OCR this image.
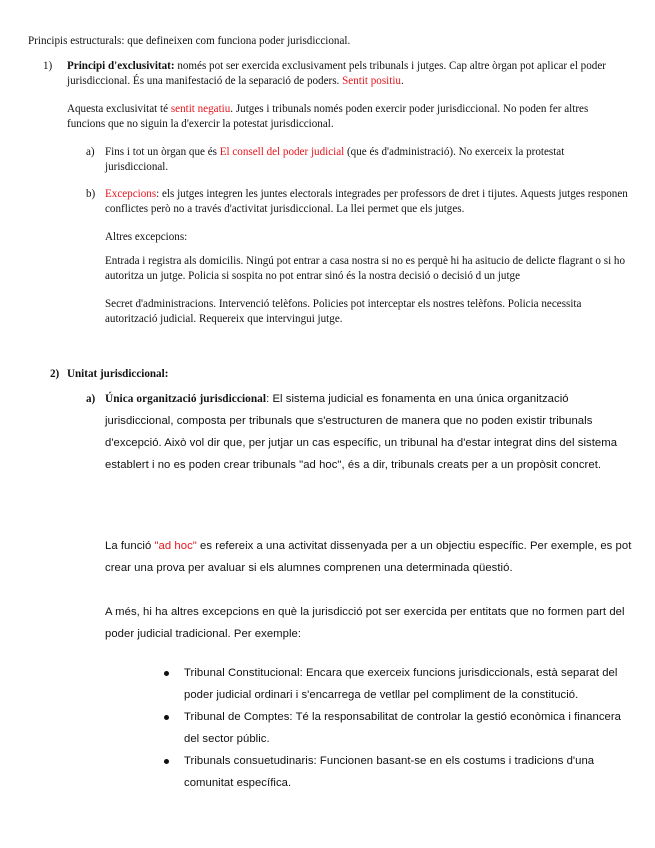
Principis estructurals: que defineixen com funciona poder jurisdiccional.

1) Principi d'exclusivitat: només pot ser exercida exclusivament pels tribunals i jutges. Cap altre òrgan pot aplicar el poder jurisdiccional. És una manifestació de la separació de poders. Sentit positiu.

Aquesta exclusivitat té sentit negatiu. Jutges i tribunals només poden exercir poder jurisdiccional. No poden fer altres funcions que no siguin la d'exercir la potestat jurisdiccional.

a) Fins i tot un òrgan que és El consell del poder judicial (que és d'administració). No exerceix la protestat jurisdiccional.

b) Excepcions: els jutges integren les juntes electorals integrades per professors de dret i tijutes. Aquests jutges responen conflictes però no a través d'activitat jurisdiccional. La llei permet que els jutges.

Altres excepcions:

Entrada i registra als domicilis. Ningú pot entrar a casa nostra si no es perquè hi ha asitucio de delicte flagrant o si ho autoritza un jutge. Policia si sospita no pot entrar sinó és la nostra decisió o decisió d un jutge

Secret d'administracions. Intervenció telèfons. Policies pot interceptar els nostres telèfons. Policia necessita autorització judicial. Requereix que intervingui jutge.

2) Unitat jurisdiccional:
a) Única organització jurisdiccional: El sistema judicial es fonamenta en una única organització jurisdiccional, composta per tribunals que s'estructuren de manera que no poden existir tribunals d'excepció. Això vol dir que, per jutjar un cas específic, un tribunal ha d'estar integrat dins del sistema establert i no es poden crear tribunals "ad hoc", és a dir, tribunals creats per a un propòsit concret.

La funció "ad hoc" es refereix a una activitat dissenyada per a un objectiu específic. Per exemple, es pot crear una prova per avaluar si els alumnes comprenen una determinada qüestió.

A més, hi ha altres excepcions en què la jurisdicció pot ser exercida per entitats que no formen part del poder judicial tradicional. Per exemple:

Tribunal Constitucional: Encara que exerceix funcions jurisdiccionals, està separat del poder judicial ordinari i s'encarrega de vetllar pel compliment de la constitució.
Tribunal de Comptes: Té la responsabilitat de controlar la gestió econòmica i financera del sector públic.
Tribunals consuetudinaris: Funcionen basant-se en els costums i tradicions d'una comunitat específica.
